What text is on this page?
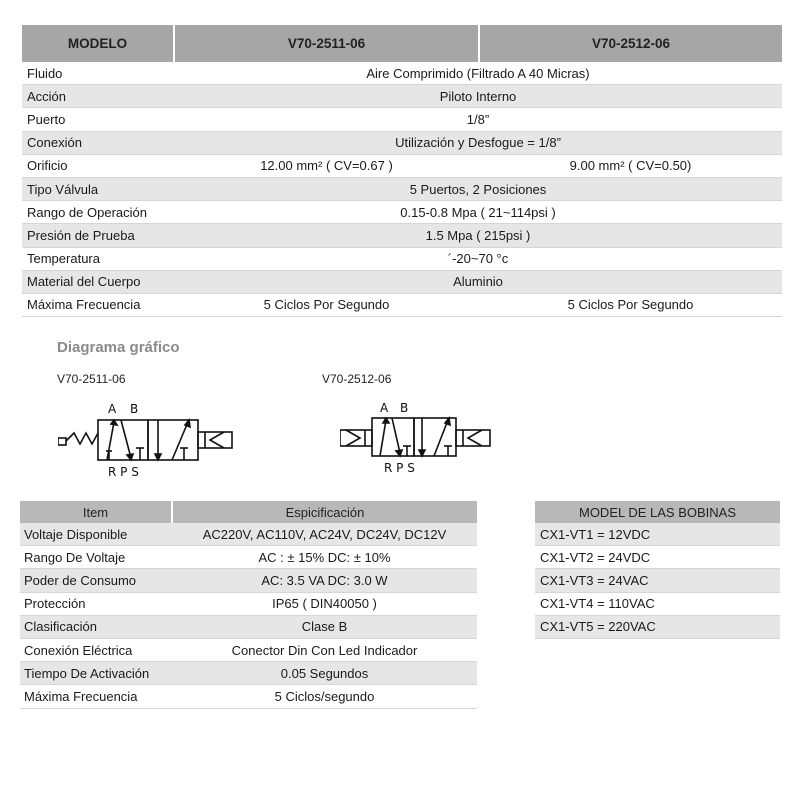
MODELO	V70-2511-06	V70-2512-06
Fluido	Aire Comprimido (Filtrado A 40 Micras)	
Acción	Piloto Interno	
Puerto	1/8”	
Conexión	Utilización y Desfogue = 1/8”	
Orificio	12.00 mm² ( CV=0.67 )	9.00 mm² ( CV=0.50)
Tipo Válvula	5 Puertos, 2 Posiciones	
Rango de Operación	0.15-0.8 Mpa ( 21~114psi )	
Presión de Prueba	1.5 Mpa ( 215psi )	
Temperatura	´-20~70 °c	
Material del Cuerpo	Aluminio	
Máxima Frecuencia	5 Ciclos Por Segundo	5 Ciclos Por Segundo
Diagrama gráfico
V70-2511-06	V70-2512-06
A B
R P S
A B
R P S
Item	Espicificación
Voltaje Disponible	AC220V, AC110V, AC24V, DC24V, DC12V
Rango De Voltaje	AC : ± 15% DC: ± 10%
Poder de Consumo	AC: 3.5 VA DC: 3.0 W
Protección	IP65 ( DIN40050 )
Clasificación	Clase B
Conexión Eléctrica	Conector Din Con Led Indicador
Tiempo De Activación	0.05 Segundos
Máxima Frecuencia	5 Ciclos/segundo
MODEL DE LAS BOBINAS
CX1-VT1 = 12VDC
CX1-VT2 = 24VDC
CX1-VT3 = 24VAC
CX1-VT4 = 110VAC
CX1-VT5 = 220VAC
